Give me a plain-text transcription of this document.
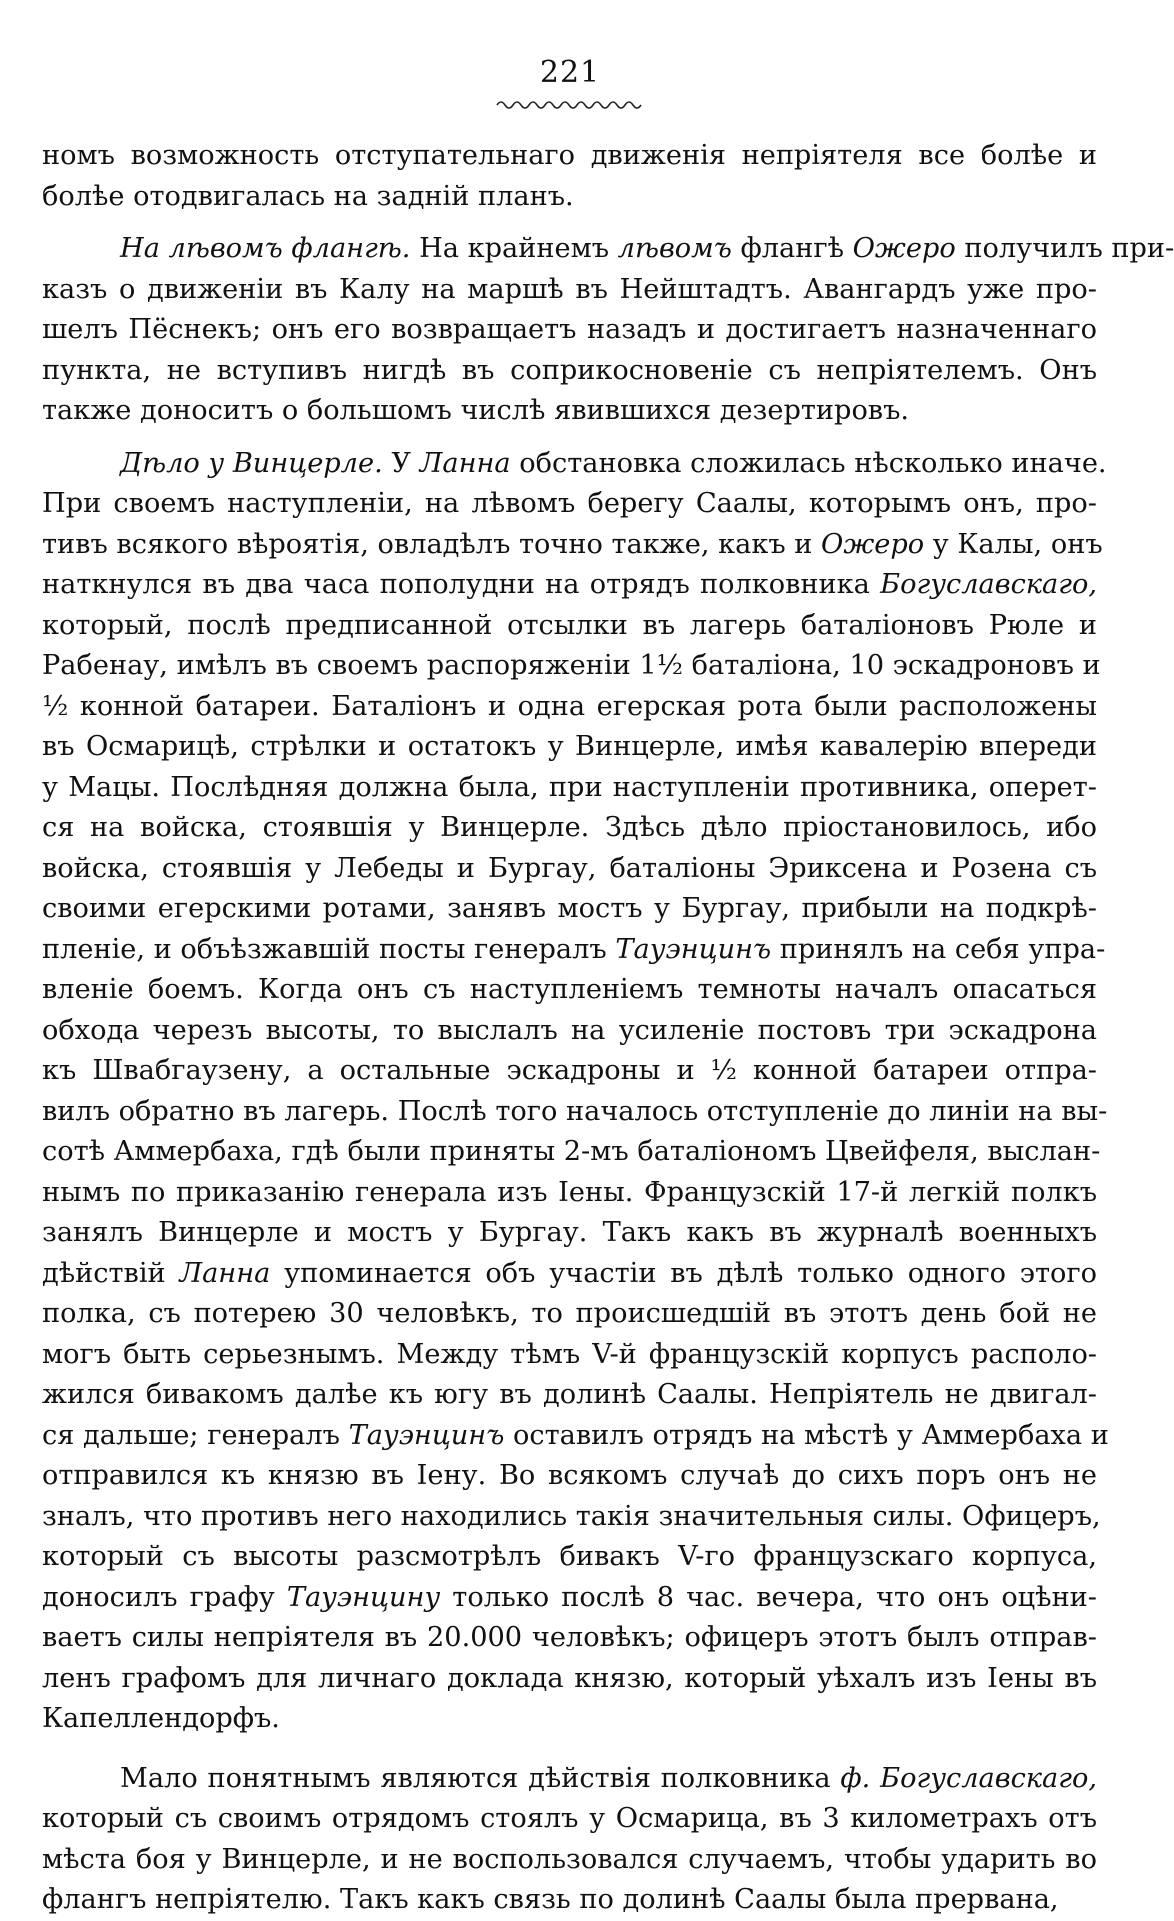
221
номъ возможность отступательнаго движенія непріятеля все болѣе и
болѣе отодвигалась на заднiй планъ.
На лѣвомъ флангѣ. На крайнемъ лѣвомъ флангѣ Ожеро получилъ при-
казъ о движеніи въ Калу на маршѣ въ Нейштадтъ. Авангардъ уже про-
шелъ Пёснекъ; онъ его возвращаетъ назадъ и достигаетъ назначеннаго
пункта, не вступивъ нигдѣ въ соприкосновеніе съ непріятелемъ. Онъ
также доноситъ о большомъ числѣ явившихся дезертировъ.
Дѣло у Винцерле. У Ланна обстановка сложилась нѣсколько иначе.
При своемъ наступленіи, на лѣвомъ берегу Саалы, которымъ онъ, про-
тивъ всякого вѣроятія, овладѣлъ точно также, какъ и Ожеро у Калы, онъ
наткнулся въ два часа пополудни на отрядъ полковника Богуславскаго,
который, послѣ предписанной отсылки въ лагерь баталіоновъ Рюле и
Рабенау, имѣлъ въ своемъ распоряженіи 1½ баталіона, 10 эскадроновъ и
½ конной батареи. Баталіонъ и одна егерская рота были расположены
въ Осмарицѣ, стрѣлки и остатокъ у Винцерле, имѣя кавалерію впереди
у Мацы. Послѣдняя должна была, при наступленіи противника, оперет-
ся на войска, стоявшія у Винцерле. Здѣсь дѣло пріостановилось, ибо
войска, стоявшія у Лебеды и Бургау, баталіоны Эриксена и Розена съ
своими егерскими ротами, занявъ мостъ у Бургау, прибыли на подкрѣ-
пленіе, и объѣзжавшій посты генералъ Тауэнцинъ принялъ на себя упра-
вленіе боемъ. Когда онъ съ наступленіемъ темноты началъ опасаться
обхода черезъ высоты, то выслалъ на усиленіе постовъ три эскадрона
къ Швабгаузену, а остальные эскадроны и ½ конной батареи отпра-
вилъ обратно въ лагерь. Послѣ того началось отступленіе до линіи на вы-
сотѣ Аммербаха, гдѣ были приняты 2-мъ баталіономъ Цвейфеля, выслан-
нымъ по приказанію генерала изъ Іены. Французскій 17-й легкій полкъ
занялъ Винцерле и мостъ у Бургау. Такъ какъ въ журналѣ военныхъ
дѣйствій Ланна упоминается объ участіи въ дѣлѣ только одного этого
полка, съ потерею 30 человѣкъ, то происшедшій въ этотъ день бой не
могъ быть серьезнымъ. Между тѣмъ V-й французскій корпусъ располо-
жился бивакомъ далѣе къ югу въ долинѣ Саалы. Непріятель не двигал-
ся дальше; генералъ Тауэнцинъ оставилъ отрядъ на мѣстѣ у Аммербаха и
отправился къ князю въ Іену. Во всякомъ случаѣ до сихъ поръ онъ не
зналъ, что противъ него находились такія значительныя силы. Офицеръ,
который съ высоты разсмотрѣлъ бивакъ V-го французскаго корпуса,
доносилъ графу Тауэнцину только послѣ 8 час. вечера, что онъ оцѣни-
ваетъ силы непріятеля въ 20.000 человѣкъ; офицеръ этотъ былъ отправ-
ленъ графомъ для личнаго доклада князю, который уѣхалъ изъ Іены въ
Капеллендорфъ.
Мало понятнымъ являются дѣйствія полковника ф. Богуславскаго,
который съ своимъ отрядомъ стоялъ у Осмарица, въ 3 километрахъ отъ
мѣста боя у Винцерле, и не воспользовался случаемъ, чтобы ударить во
флангъ непріятелю. Такъ какъ связь по долинѣ Саалы была прервана,
